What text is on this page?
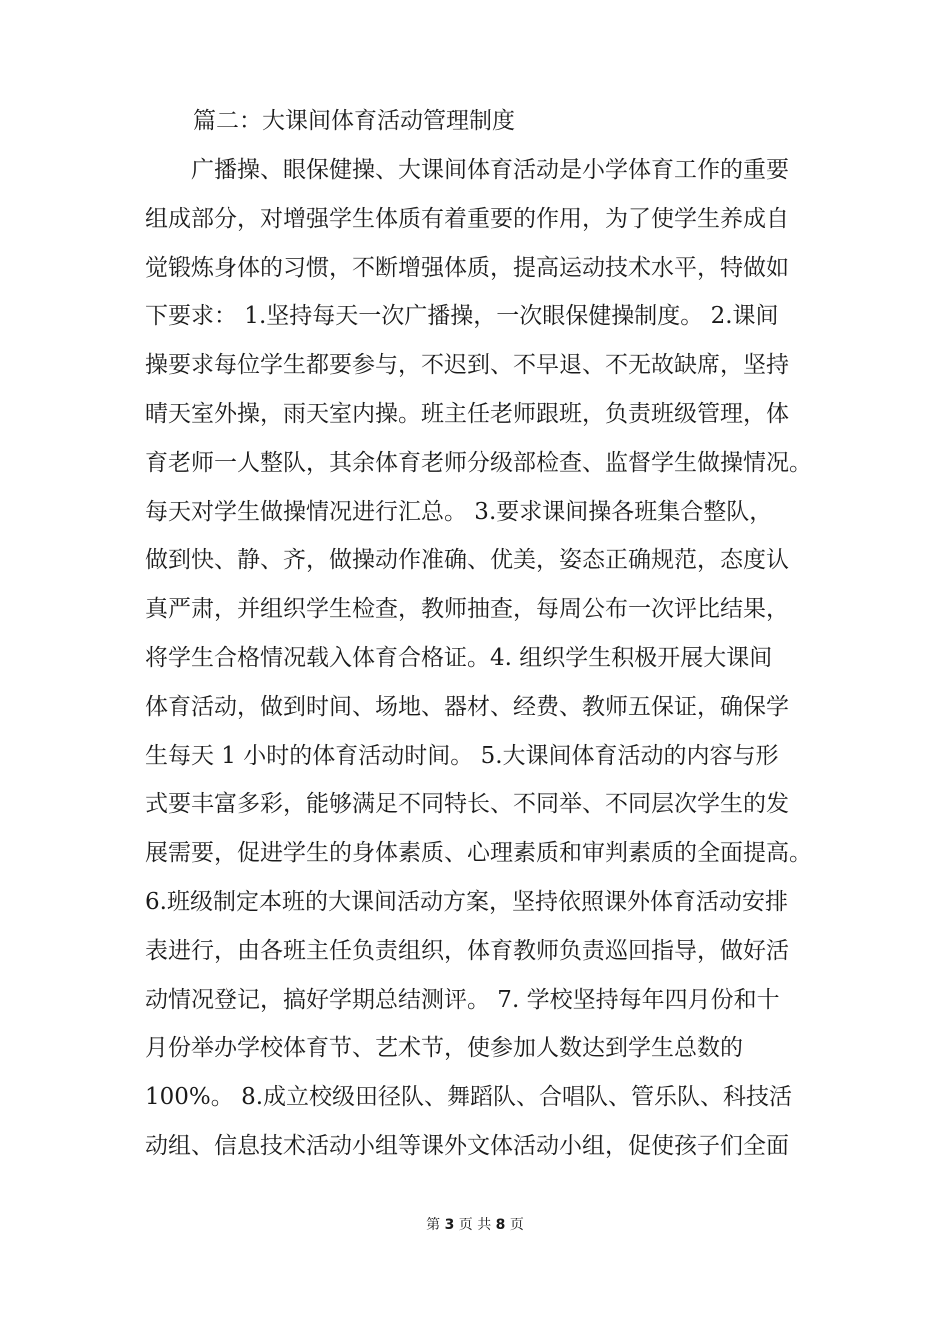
篇二：大课间体育活动管理制度
　　广播操、眼保健操、大课间体育活动是小学体育工作的重要
组成部分，对增强学生体质有着重要的作用，为了使学生养成自
觉锻炼身体的习惯，不断增强体质，提高运动技术水平，特做如
下要求： 1.坚持每天一次广播操，一次眼保健操制度。 2.课间
操要求每位学生都要参与，不迟到、不早退、不无故缺席，坚持
晴天室外操，雨天室内操。班主任老师跟班，负责班级管理，体
育老师一人整队，其余体育老师分级部检查、监督学生做操情况。
每天对学生做操情况进行汇总。 3.要求课间操各班集合整队，
做到快、静、齐，做操动作准确、优美，姿态正确规范，态度认
真严肃，并组织学生检查，教师抽查，每周公布一次评比结果，
将学生合格情况载入体育合格证。4. 组织学生积极开展大课间
体育活动，做到时间、场地、器材、经费、教师五保证，确保学
生每天 1 小时的体育活动时间。 5.大课间体育活动的内容与形
式要丰富多彩，能够满足不同特长、不同举、不同层次学生的发
展需要，促进学生的身体素质、心理素质和审判素质的全面提高。
6.班级制定本班的大课间活动方案，坚持依照课外体育活动安排
表进行，由各班主任负责组织，体育教师负责巡回指导，做好活
动情况登记，搞好学期总结测评。 7. 学校坚持每年四月份和十
月份举办学校体育节、艺术节，使参加人数达到学生总数的
100%。 8.成立校级田径队、舞蹈队、合唱队、管乐队、科技活
动组、信息技术活动小组等课外文体活动小组，促使孩子们全面
第 3 页 共 8 页
